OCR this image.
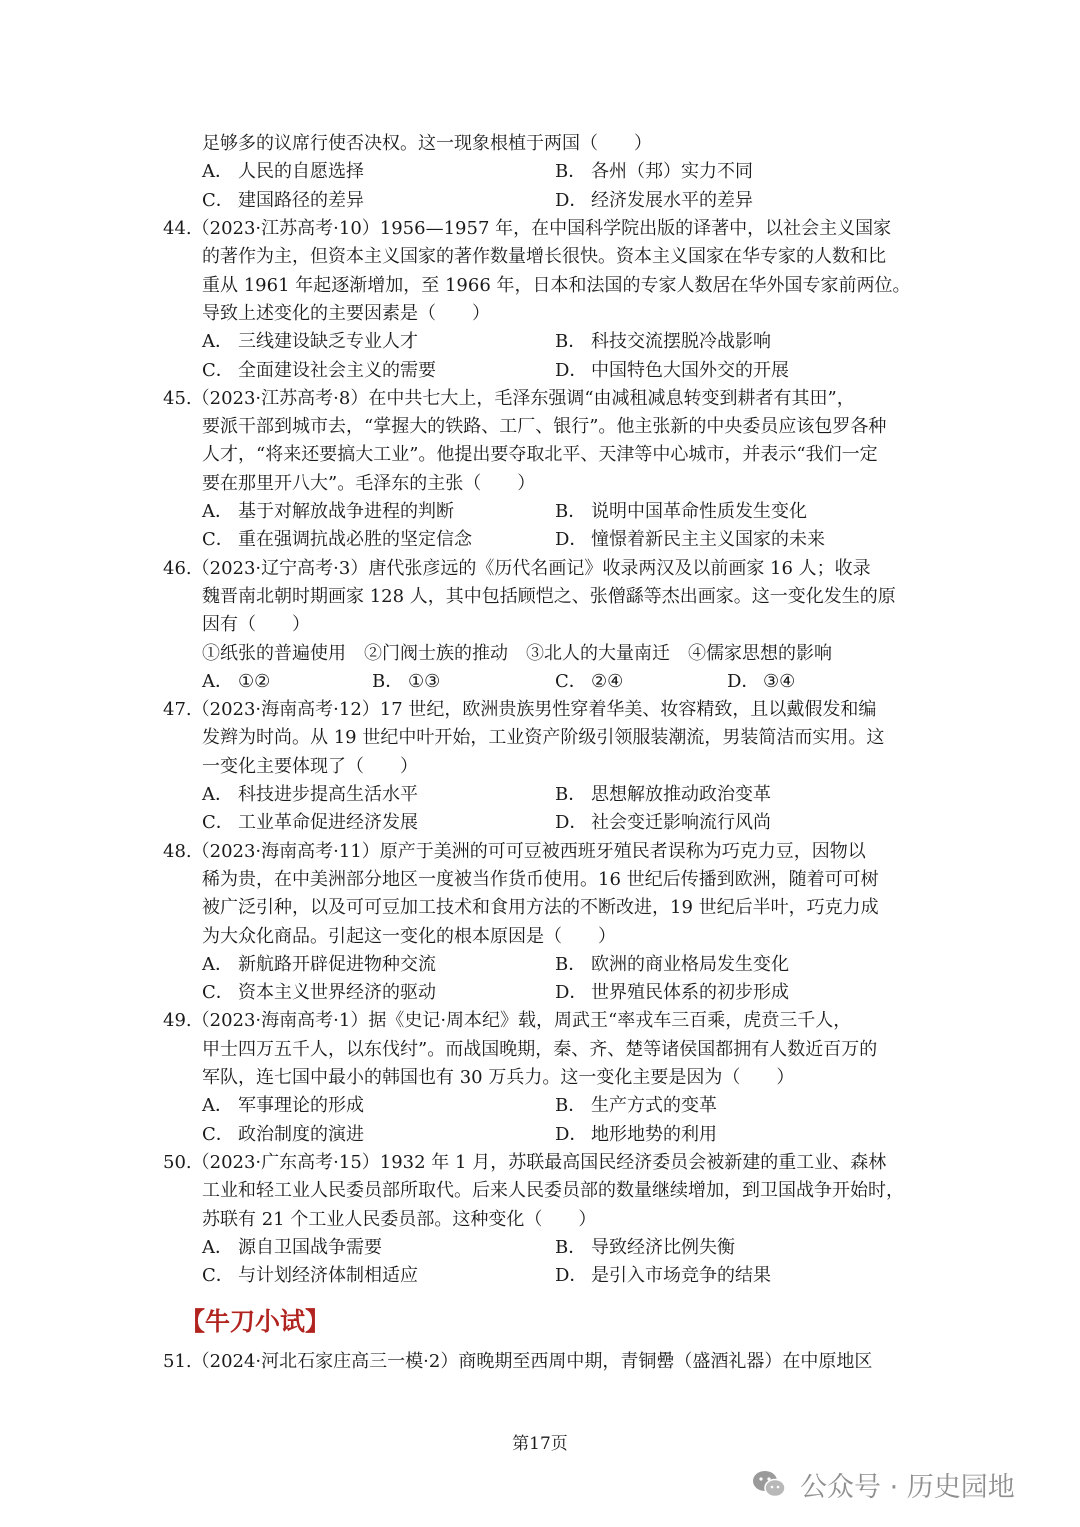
足够多的议席行使否决权。这一现象根植于两国（　　）
A． 人民的自愿选择	B． 各州（邦）实力不同
C． 建国路径的差异	D． 经济发展水平的差异
44.（2023·江苏高考·10）1956—1957 年，在中国科学院出版的译著中，以社会主义国家
的著作为主，但资本主义国家的著作数量增长很快。资本主义国家在华专家的人数和比
重从 1961 年起逐渐增加，至 1966 年，日本和法国的专家人数居在华外国专家前两位。
导致上述变化的主要因素是（　　）
A． 三线建设缺乏专业人才	B． 科技交流摆脱冷战影响
C． 全面建设社会主义的需要	D． 中国特色大国外交的开展
45.（2023·江苏高考·8）在中共七大上，毛泽东强调“由减租减息转变到耕者有其田”，
要派干部到城市去，“掌握大的铁路、工厂、银行”。他主张新的中央委员应该包罗各种
人才，“将来还要搞大工业”。他提出要夺取北平、天津等中心城市，并表示“我们一定
要在那里开八大”。毛泽东的主张（　　）
A． 基于对解放战争进程的判断	B． 说明中国革命性质发生变化
C． 重在强调抗战必胜的坚定信念	D． 憧憬着新民主主义国家的未来
46.（2023·辽宁高考·3）唐代张彦远的《历代名画记》收录两汉及以前画家 16 人；收录
魏晋南北朝时期画家 128 人，其中包括顾恺之、张僧繇等杰出画家。这一变化发生的原
因有（　　）
①纸张的普遍使用　②门阀士族的推动　③北人的大量南迁　④儒家思想的影响
A． ①②	B． ①③	C． ②④	D． ③④
47.（2023·海南高考·12）17 世纪，欧洲贵族男性穿着华美、妆容精致，且以戴假发和编
发辫为时尚。从 19 世纪中叶开始，工业资产阶级引领服装潮流，男装简洁而实用。这
一变化主要体现了（　　）
A． 科技进步提高生活水平	B． 思想解放推动政治变革
C． 工业革命促进经济发展	D． 社会变迁影响流行风尚
48.（2023·海南高考·11）原产于美洲的可可豆被西班牙殖民者误称为巧克力豆，因物以
稀为贵，在中美洲部分地区一度被当作货币使用。16 世纪后传播到欧洲，随着可可树
被广泛引种，以及可可豆加工技术和食用方法的不断改进，19 世纪后半叶，巧克力成
为大众化商品。引起这一变化的根本原因是（　　）
A． 新航路开辟促进物种交流	B． 欧洲的商业格局发生变化
C． 资本主义世界经济的驱动	D． 世界殖民体系的初步形成
49.（2023·海南高考·1）据《史记·周本纪》载，周武王“率戎车三百乘，虎贲三千人，
甲士四万五千人，以东伐纣”。而战国晚期，秦、齐、楚等诸侯国都拥有人数近百万的
军队，连七国中最小的韩国也有 30 万兵力。这一变化主要是因为（　　）
A． 军事理论的形成	B． 生产方式的变革
C． 政治制度的演进	D． 地形地势的利用
50.（2023·广东高考·15）1932 年 1 月，苏联最高国民经济委员会被新建的重工业、森林
工业和轻工业人民委员部所取代。后来人民委员部的数量继续增加，到卫国战争开始时，
苏联有 21 个工业人民委员部。这种变化（　　）
A． 源自卫国战争需要	B． 导致经济比例失衡
C． 与计划经济体制相适应	D． 是引入市场竞争的结果
【牛刀小试】
51.（2024·河北石家庄高三一模·2）商晚期至西周中期，青铜罍（盛酒礼器）在中原地区
第17页
公众号 · 历史园地
